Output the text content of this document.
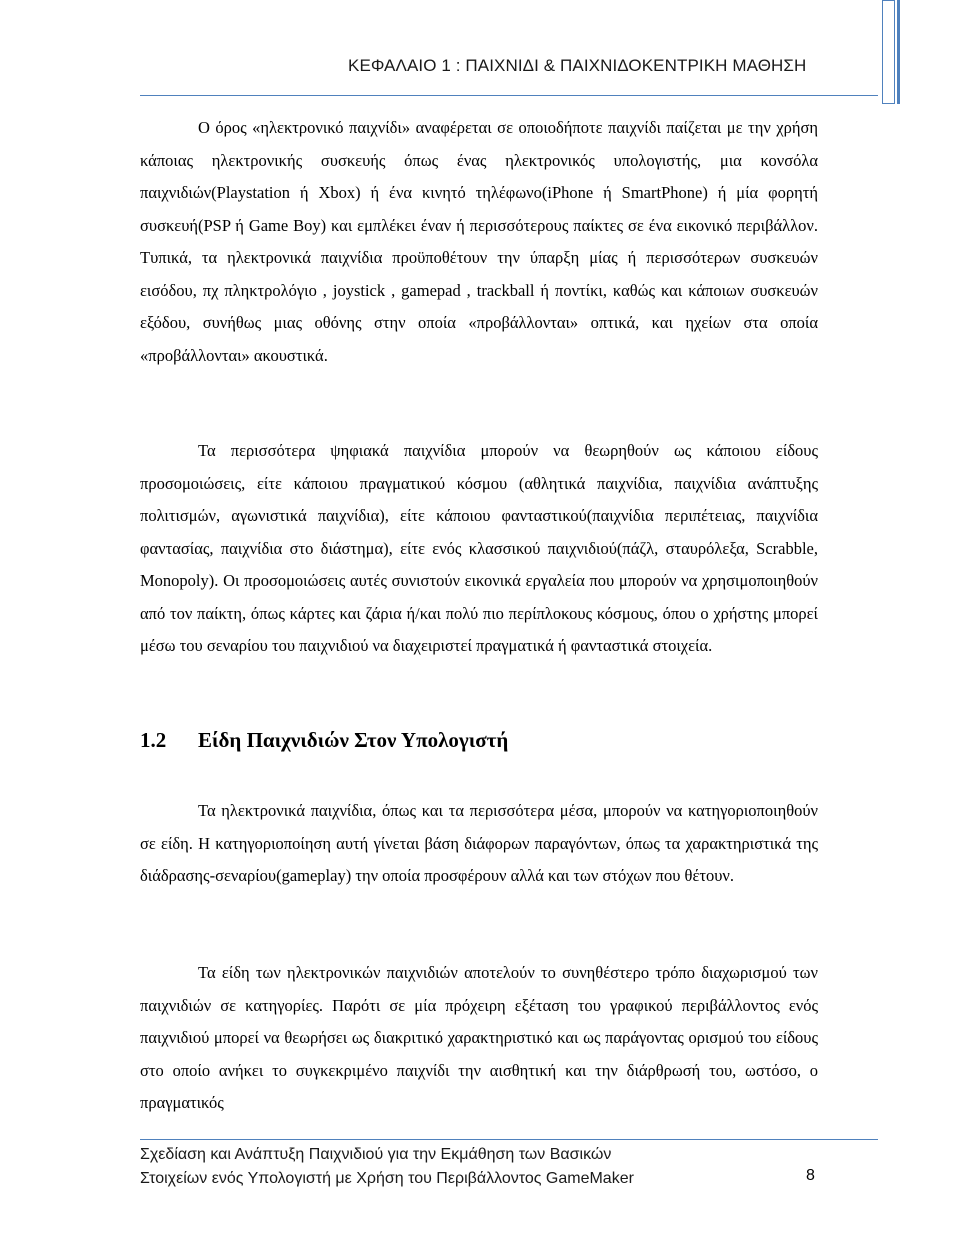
ΚΕΦΑΛΑΙΟ 1 : ΠΑΙΧΝΙΔΙ & ΠΑΙΧΝΙΔΟΚΕΝΤΡΙΚΗ ΜΑΘΗΣΗ

Ο όρος «ηλεκτρονικό παιχνίδι» αναφέρεται σε οποιοδήποτε παιχνίδι παίζεται με την χρήση κάποιας ηλεκτρονικής συσκευής όπως ένας ηλεκτρονικός υπολογιστής, μια κονσόλα παιχνιδιών(Playstation ή Xbox) ή ένα κινητό τηλέφωνο(iPhone ή SmartPhone) ή μία φορητή συσκευή(PSP ή Game Boy) και εμπλέκει έναν ή περισσότερους παίκτες σε ένα εικονικό περιβάλλον. Τυπικά, τα ηλεκτρονικά παιχνίδια προϋποθέτουν την ύπαρξη μίας ή περισσότερων συσκευών εισόδου, πχ πληκτρολόγιο , joystick , gamepad , trackball ή ποντίκι, καθώς και κάποιων συσκευών εξόδου, συνήθως μιας οθόνης στην οποία «προβάλλονται» οπτικά, και ηχείων στα οποία «προβάλλονται» ακουστικά.

Τα περισσότερα ψηφιακά παιχνίδια μπορούν να θεωρηθούν ως κάποιου είδους προσομοιώσεις, είτε κάποιου πραγματικού κόσμου (αθλητικά παιχνίδια, παιχνίδια ανάπτυξης πολιτισμών, αγωνιστικά παιχνίδια), είτε κάποιου φανταστικού(παιχνίδια περιπέτειας, παιχνίδια φαντασίας, παιχνίδια στο διάστημα), είτε ενός κλασσικού παιχνιδιού(πάζλ, σταυρόλεξα, Scrabble, Monopoly). Οι προσομοιώσεις αυτές συνιστούν εικονικά εργαλεία που μπορούν να χρησιμοποιηθούν από τον παίκτη, όπως κάρτες και ζάρια ή/και πολύ πιο περίπλοκους κόσμους, όπου ο χρήστης μπορεί μέσω του σεναρίου του παιχνιδιού να διαχειριστεί πραγματικά ή φανταστικά στοιχεία.

1.2 Είδη Παιχνιδιών Στον Υπολογιστή

Τα ηλεκτρονικά παιχνίδια, όπως και τα περισσότερα μέσα, μπορούν να κατηγοριοποιηθούν σε είδη. Η κατηγοριοποίηση αυτή γίνεται βάση διάφορων παραγόντων, όπως τα χαρακτηριστικά της διάδρασης-σεναρίου(gameplay) την οποία προσφέρουν αλλά και των στόχων που θέτουν.

Τα είδη των ηλεκτρονικών παιχνιδιών αποτελούν το συνηθέστερο τρόπο διαχωρισμού των παιχνιδιών σε κατηγορίες. Παρότι σε μία πρόχειρη εξέταση του γραφικού περιβάλλοντος ενός παιχνιδιού μπορεί να θεωρήσει ως διακριτικό χαρακτηριστικό και ως παράγοντας ορισμού του είδους στο οποίο ανήκει το συγκεκριμένο παιχνίδι την αισθητική και την διάρθρωσή του, ωστόσο, ο πραγματικός

Σχεδίαση και Ανάπτυξη Παιχνιδιού για την Εκμάθηση των Βασικών
Στοιχείων ενός Υπολογιστή με Χρήση του Περιβάλλοντος GameMaker	8
